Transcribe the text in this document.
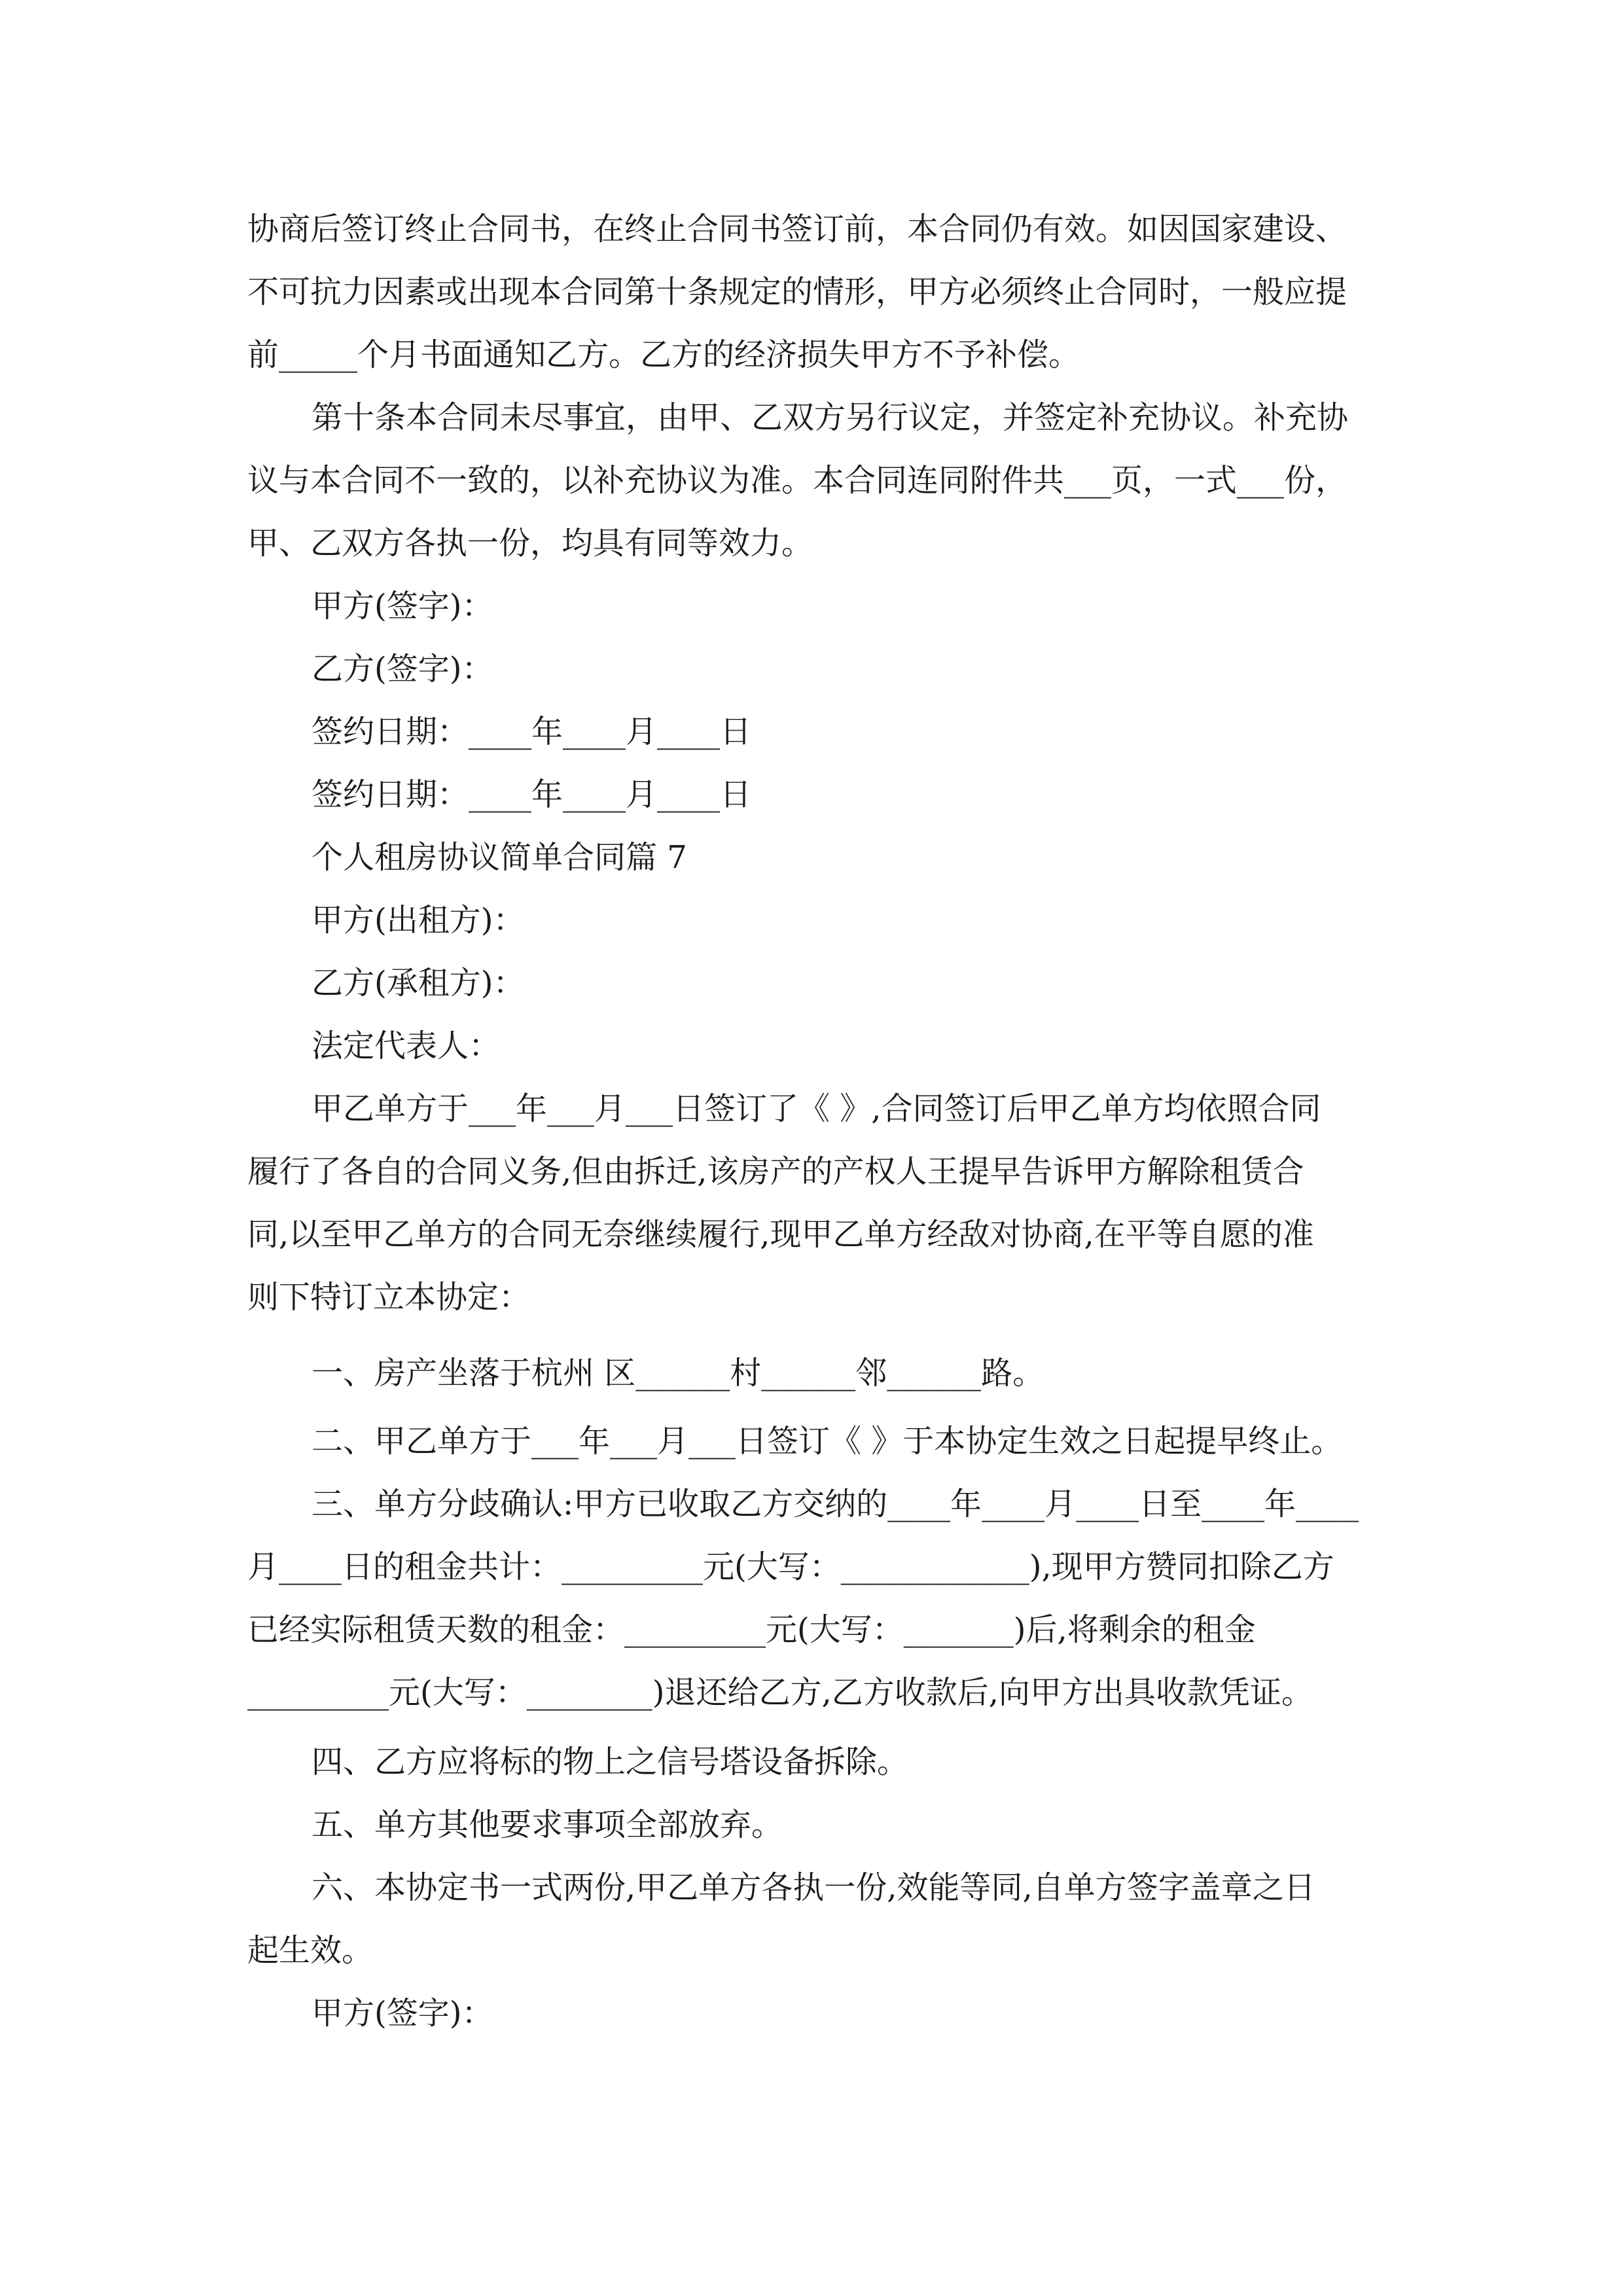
协商后签订终止合同书，在终止合同书签订前，本合同仍有效。如因国家建设、
不可抗力因素或出现本合同第十条规定的情形，甲方必须终止合同时，一般应提
前_____个月书面通知乙方。乙方的经济损失甲方不予补偿。
第十条本合同未尽事宜，由甲、乙双方另行议定，并签定补充协议。补充协
议与本合同不一致的，以补充协议为准。本合同连同附件共___页，一式___份，
甲、乙双方各执一份，均具有同等效力。
甲方(签字)：
乙方(签字)：
签约日期：____年____月____日
签约日期：____年____月____日
个人租房协议简单合同篇 7
甲方(出租方)：
乙方(承租方)：
法定代表人：
甲乙单方于___年___月___日签订了《 》,合同签订后甲乙单方均依照合同
履行了各自的合同义务,但由拆迁,该房产的产权人王提早告诉甲方解除租赁合
同,以至甲乙单方的合同无奈继续履行,现甲乙单方经敌对协商,在平等自愿的准
则下特订立本协定：
一、房产坐落于杭州 区______村______邻______路。
二、甲乙单方于___年___月___日签订《 》于本协定生效之日起提早终止。
三、单方分歧确认:甲方已收取乙方交纳的____年____月____日至____年____
月____日的租金共计：_________元(大写：____________),现甲方赞同扣除乙方
已经实际租赁天数的租金：_________元(大写：_______)后,将剩余的租金
_________元(大写：________)退还给乙方,乙方收款后,向甲方出具收款凭证。
四、乙方应将标的物上之信号塔设备拆除。
五、单方其他要求事项全部放弃。
六、本协定书一式两份,甲乙单方各执一份,效能等同,自单方签字盖章之日
起生效。
甲方(签字)：
